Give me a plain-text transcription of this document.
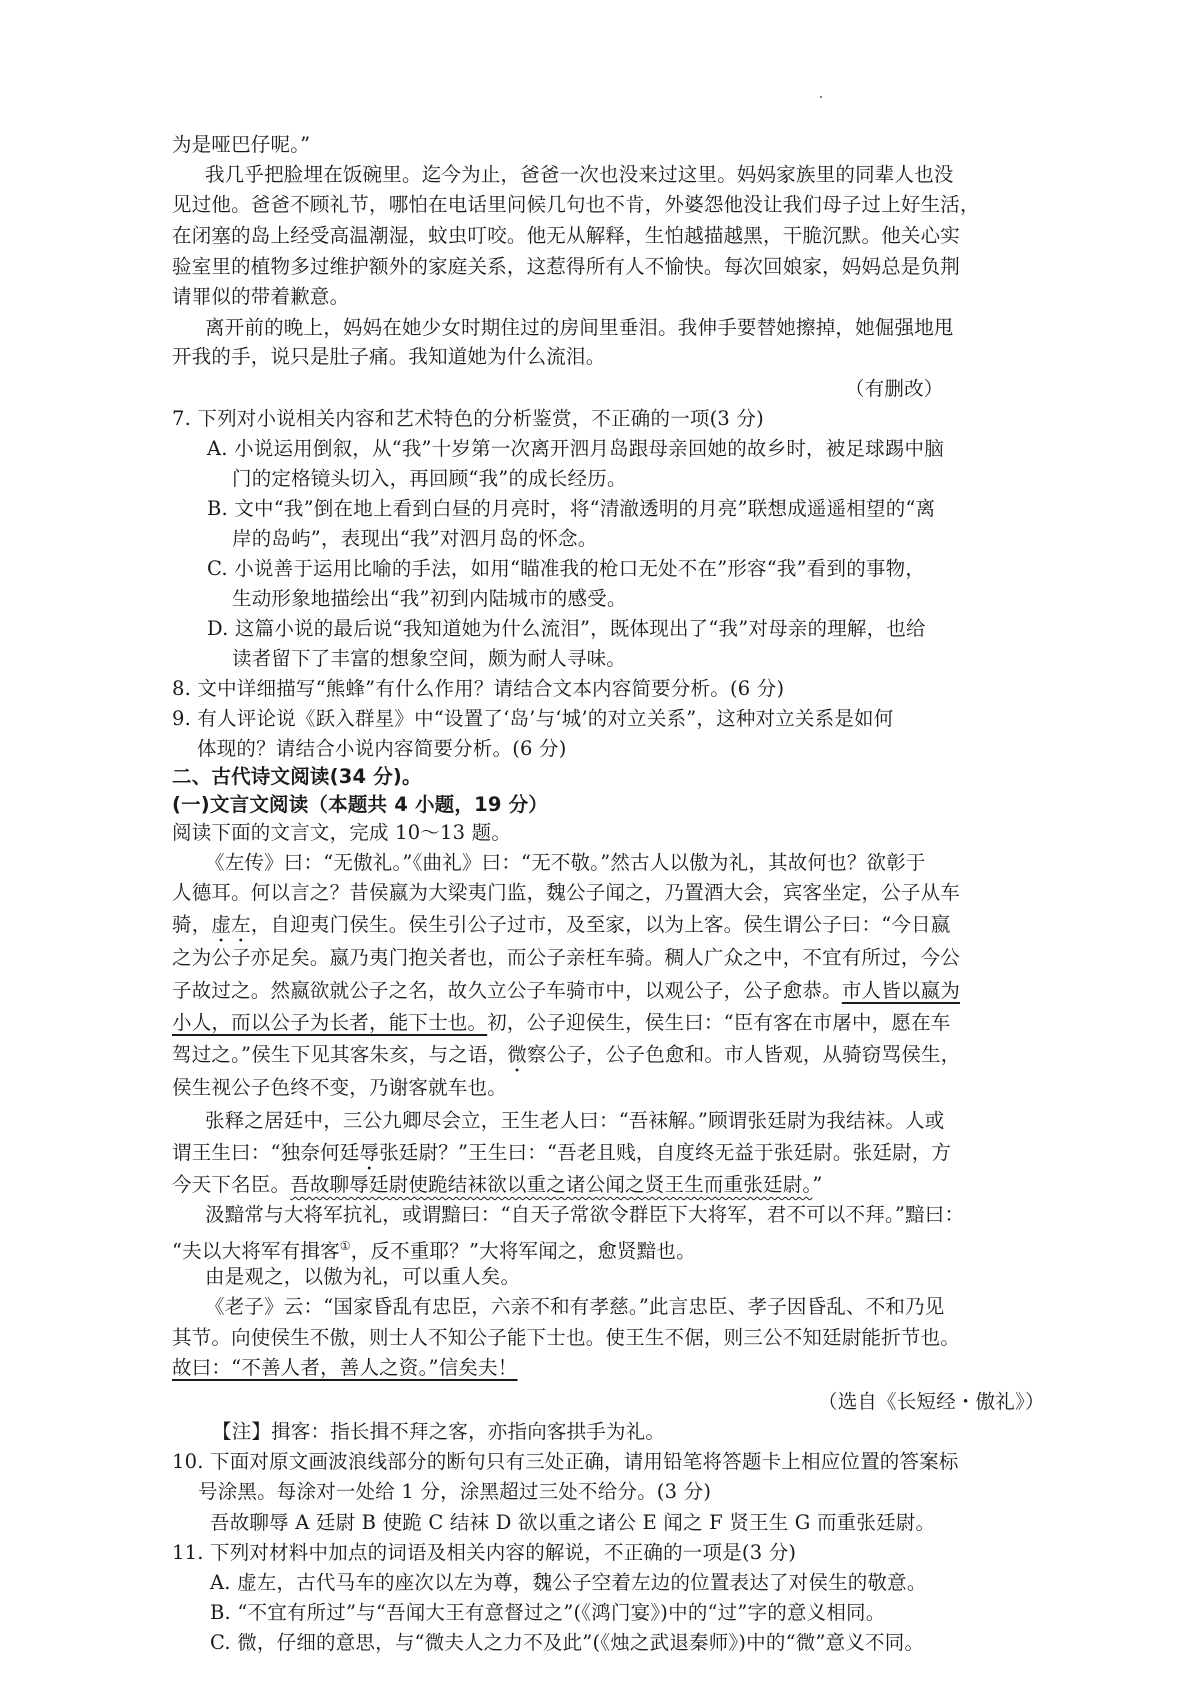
为是哑巴仔呢。”
我几乎把脸埋在饭碗里。迄今为止，爸爸一次也没来过这里。妈妈家族里的同辈人也没
见过他。爸爸不顾礼节，哪怕在电话里问候几句也不肯，外婆怨他没让我们母子过上好生活，
在闭塞的岛上经受高温潮湿，蚊虫叮咬。他无从解释，生怕越描越黑，干脆沉默。他关心实
验室里的植物多过维护额外的家庭关系，这惹得所有人不愉快。每次回娘家，妈妈总是负荆
请罪似的带着歉意。
离开前的晚上，妈妈在她少女时期住过的房间里垂泪。我伸手要替她擦掉，她倔强地甩
开我的手，说只是肚子痛。我知道她为什么流泪。
（有删改）
7. 下列对小说相关内容和艺术特色的分析鉴赏，不正确的一项(3 分)
A. 小说运用倒叙，从“我”十岁第一次离开泗月岛跟母亲回她的故乡时，被足球踢中脑
门的定格镜头切入，再回顾“我”的成长经历。
B. 文中“我”倒在地上看到白昼的月亮时，将“清澈透明的月亮”联想成遥遥相望的“离
岸的岛屿”，表现出“我”对泗月岛的怀念。
C. 小说善于运用比喻的手法，如用“瞄准我的枪口无处不在”形容“我”看到的事物，
生动形象地描绘出“我”初到内陆城市的感受。
D. 这篇小说的最后说“我知道她为什么流泪”，既体现出了“我”对母亲的理解，也给
读者留下了丰富的想象空间，颇为耐人寻味。
8. 文中详细描写“熊蜂”有什么作用？请结合文本内容简要分析。(6 分)
9. 有人评论说《跃入群星》中“设置了‘岛’与‘城’的对立关系”，这种对立关系是如何
体现的？请结合小说内容简要分析。(6 分)
二、古代诗文阅读(34 分)。
(一)文言文阅读（本题共 4 小题，19 分）
阅读下面的文言文，完成 10～13 题。
《左传》曰：“无傲礼。”《曲礼》曰：“无不敬。”然古人以傲为礼，其故何也？欲彰于
人德耳。何以言之？昔侯嬴为大梁夷门监，魏公子闻之，乃置酒大会，宾客坐定，公子从车
骑，虚左，自迎夷门侯生。侯生引公子过市，及至家，以为上客。侯生谓公子曰：“今日嬴
之为公子亦足矣。嬴乃夷门抱关者也，而公子亲枉车骑。稠人广众之中，不宜有所过，今公
子故过之。然嬴欲就公子之名，故久立公子车骑市中，以观公子，公子愈恭。市人皆以嬴为
小人，而以公子为长者，能下士也。初，公子迎侯生，侯生曰：“臣有客在市屠中，愿在车
驾过之。”侯生下见其客朱亥，与之语，微察公子，公子色愈和。市人皆观，从骑窃骂侯生，
侯生视公子色终不变，乃谢客就车也。
张释之居廷中，三公九卿尽会立，王生老人曰：“吾袜解。”顾谓张廷尉为我结袜。人或
谓王生曰：“独奈何廷辱张廷尉？”王生曰：“吾老且贱，自度终无益于张廷尉。张廷尉，方
今天下名臣。吾故聊辱廷尉使跪结袜欲以重之诸公闻之贤王生而重张廷尉。”
汲黯常与大将军抗礼，或谓黯曰：“自天子常欲令群臣下大将军，君不可以不拜。”黯曰：
“夫以大将军有揖客①，反不重耶？”大将军闻之，愈贤黯也。
由是观之，以傲为礼，可以重人矣。
《老子》云：“国家昏乱有忠臣，六亲不和有孝慈。”此言忠臣、孝子因昏乱、不和乃见
其节。向使侯生不傲，则士人不知公子能下士也。使王生不倨，则三公不知廷尉能折节也。
故曰：“不善人者，善人之资。”信矣夫！
（选自《长短经・傲礼》）
【注】揖客：指长揖不拜之客，亦指向客拱手为礼。
10. 下面对原文画波浪线部分的断句只有三处正确，请用铅笔将答题卡上相应位置的答案标
号涂黑。每涂对一处给 1 分，涂黑超过三处不给分。(3 分)
吾故聊辱 A 廷尉 B 使跪 C 结袜 D 欲以重之诸公 E 闻之 F 贤王生 G 而重张廷尉。
11. 下列对材料中加点的词语及相关内容的解说，不正确的一项是(3 分)
A. 虚左，古代马车的座次以左为尊，魏公子空着左边的位置表达了对侯生的敬意。
B. “不宜有所过”与“吾闻大王有意督过之”(《鸿门宴》)中的“过”字的意义相同。
C. 微，仔细的意思，与“微夫人之力不及此”(《烛之武退秦师》)中的“微”意义不同。
